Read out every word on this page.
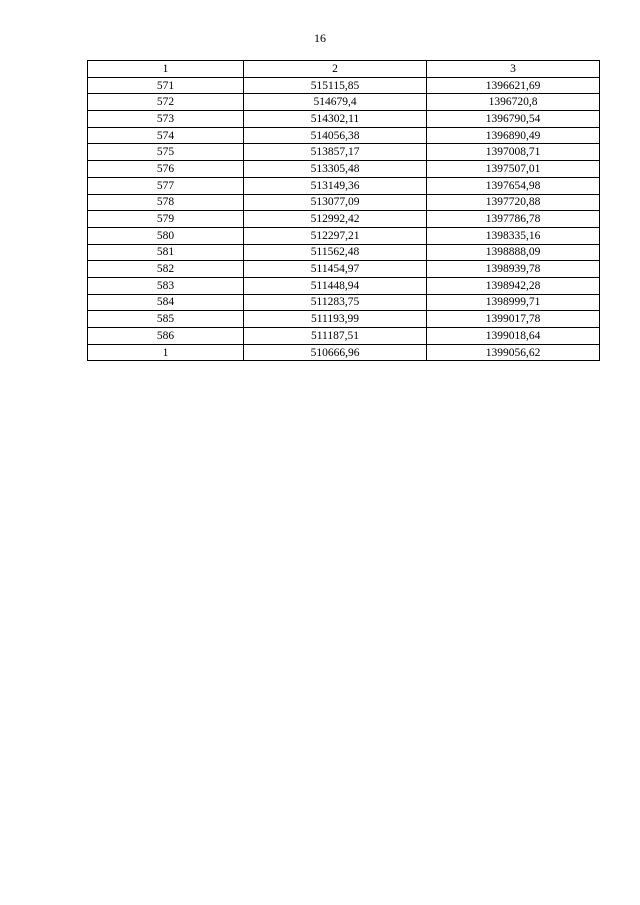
16
1	2	3
571	515115,85	1396621,69
572	514679,4	1396720,8
573	514302,11	1396790,54
574	514056,38	1396890,49
575	513857,17	1397008,71
576	513305,48	1397507,01
577	513149,36	1397654,98
578	513077,09	1397720,88
579	512992,42	1397786,78
580	512297,21	1398335,16
581	511562,48	1398888,09
582	511454,97	1398939,78
583	511448,94	1398942,28
584	511283,75	1398999,71
585	511193,99	1399017,78
586	511187,51	1399018,64
1	510666,96	1399056,62
